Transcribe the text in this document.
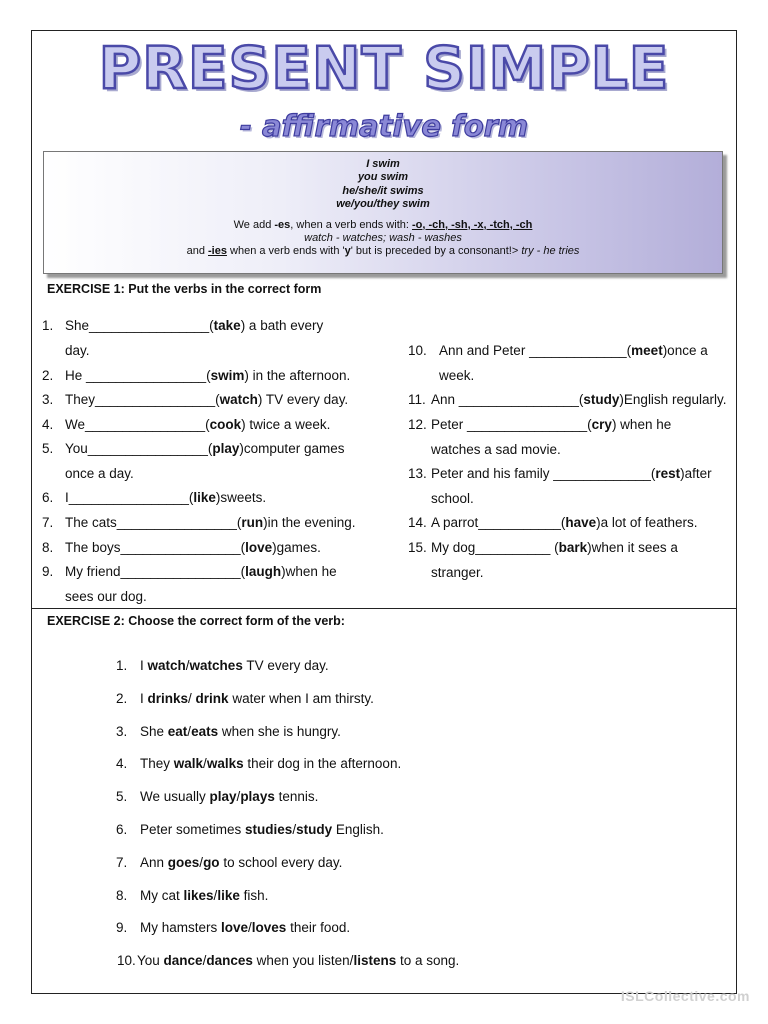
PRESENT SIMPLE
- affirmative form
I swim
you swim
he/she/it swims
we/you/they swim
We add -es, when a verb ends with: -o, -ch, -sh, -x, -tch, -ch
watch - watches; wash - washes
and -ies when a verb ends with 'y' but is preceded by a consonant!> try - he tries
EXERCISE 1: Put the verbs in the correct form
1. She________________(take) a bath every
day.
2. He ________________(swim) in the afternoon.
3. They________________(watch) TV every day.
4. We________________(cook) twice a week.
5. You________________(play)computer games
once a day.
6. I________________(like)sweets.
7. The cats________________(run)in the evening.
8. The boys________________(love)games.
9. My friend________________(laugh)when he
sees our dog.
10. Ann and Peter _____________(meet)once a
week.
11. Ann ________________(study)English regularly.
12. Peter ________________(cry) when he
watches a sad movie.
13. Peter and his family _____________(rest)after
school.
14. A parrot___________(have)a lot of feathers.
15. My dog__________ (bark)when it sees a
stranger.
EXERCISE 2: Choose the correct form of the verb:
1. I watch/watches TV every day.
2. I drinks/ drink water when I am thirsty.
3. She eat/eats when she is hungry.
4. They walk/walks their dog in the afternoon.
5. We usually play/plays tennis.
6. Peter sometimes studies/study English.
7. Ann goes/go to school every day.
8. My cat likes/like fish.
9. My hamsters love/loves their food.
10.You dance/dances when you listen/listens to a song.
ISLCollective.com
